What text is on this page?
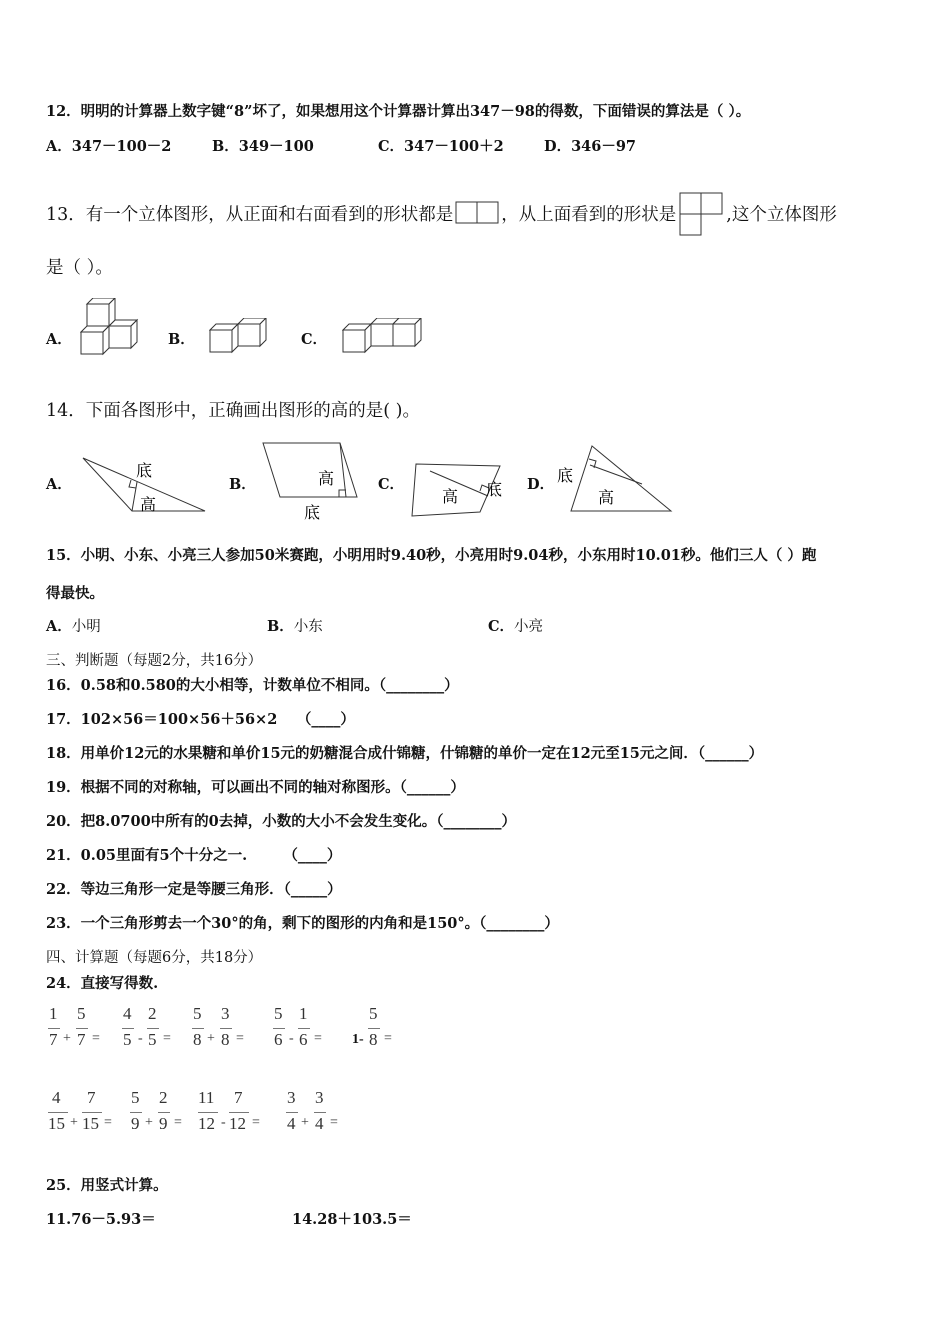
12．明明的计算器上数字键“8”坏了，如果想用这个计算器计算出347－98的得数，下面错误的算法是（ ）。
A．347－100－2	B．349－100	C．347－100＋2	D．346－97
13．有一个立体图形，从正面和右面看到的形状都是	，从上面看到的形状是	,这个立体图形
是（ ）。
A．	B．	C．
14．下面各图形中，正确画出图形的高的是( )。
A．
底
高
B．	高
底
C．
高 底 D． 底
高
15．小明、小东、小亮三人参加50米赛跑，小明用时9.40秒，小亮用时9.04秒，小东用时10.01秒。他们三人（ ）跑
得最快。
A．小明	B．小东	C．小亮
三、判断题（每题2分，共16分）
16．0.58和0.580的大小相等，计数单位不相同。（________）
17．102×56＝100×56＋56×2　 （____）
18．用单价12元的水果糖和单价15元的奶糖混合成什锦糖，什锦糖的单价一定在12元至15元之间．（______）
19．根据不同的对称轴，可以画出不同的轴对称图形。（______）
20．把8.0700中所有的0去掉，小数的大小不会发生变化。（________）
21．0.05里面有5个十分之一.　　　（____）
22．等边三角形一定是等腰三角形．（_____）
23．一个三角形剪去一个30°的角，剩下的图形的内角和是150°。（________）
四、计算题（每题6分，共18分）
24．直接写得数.
1
7 +
5
7 =
4
5 -
2
5 =
5
8 +
3
8 =
5
6 -
1
6 = 1-
5
8 =
4
15 +
7
15 =
5
9 +
2
9 =
11
12 -
7
12 =
3
4 +
3
4 =
25．用竖式计算。
11.76－5.93＝	14.28＋103.5＝
